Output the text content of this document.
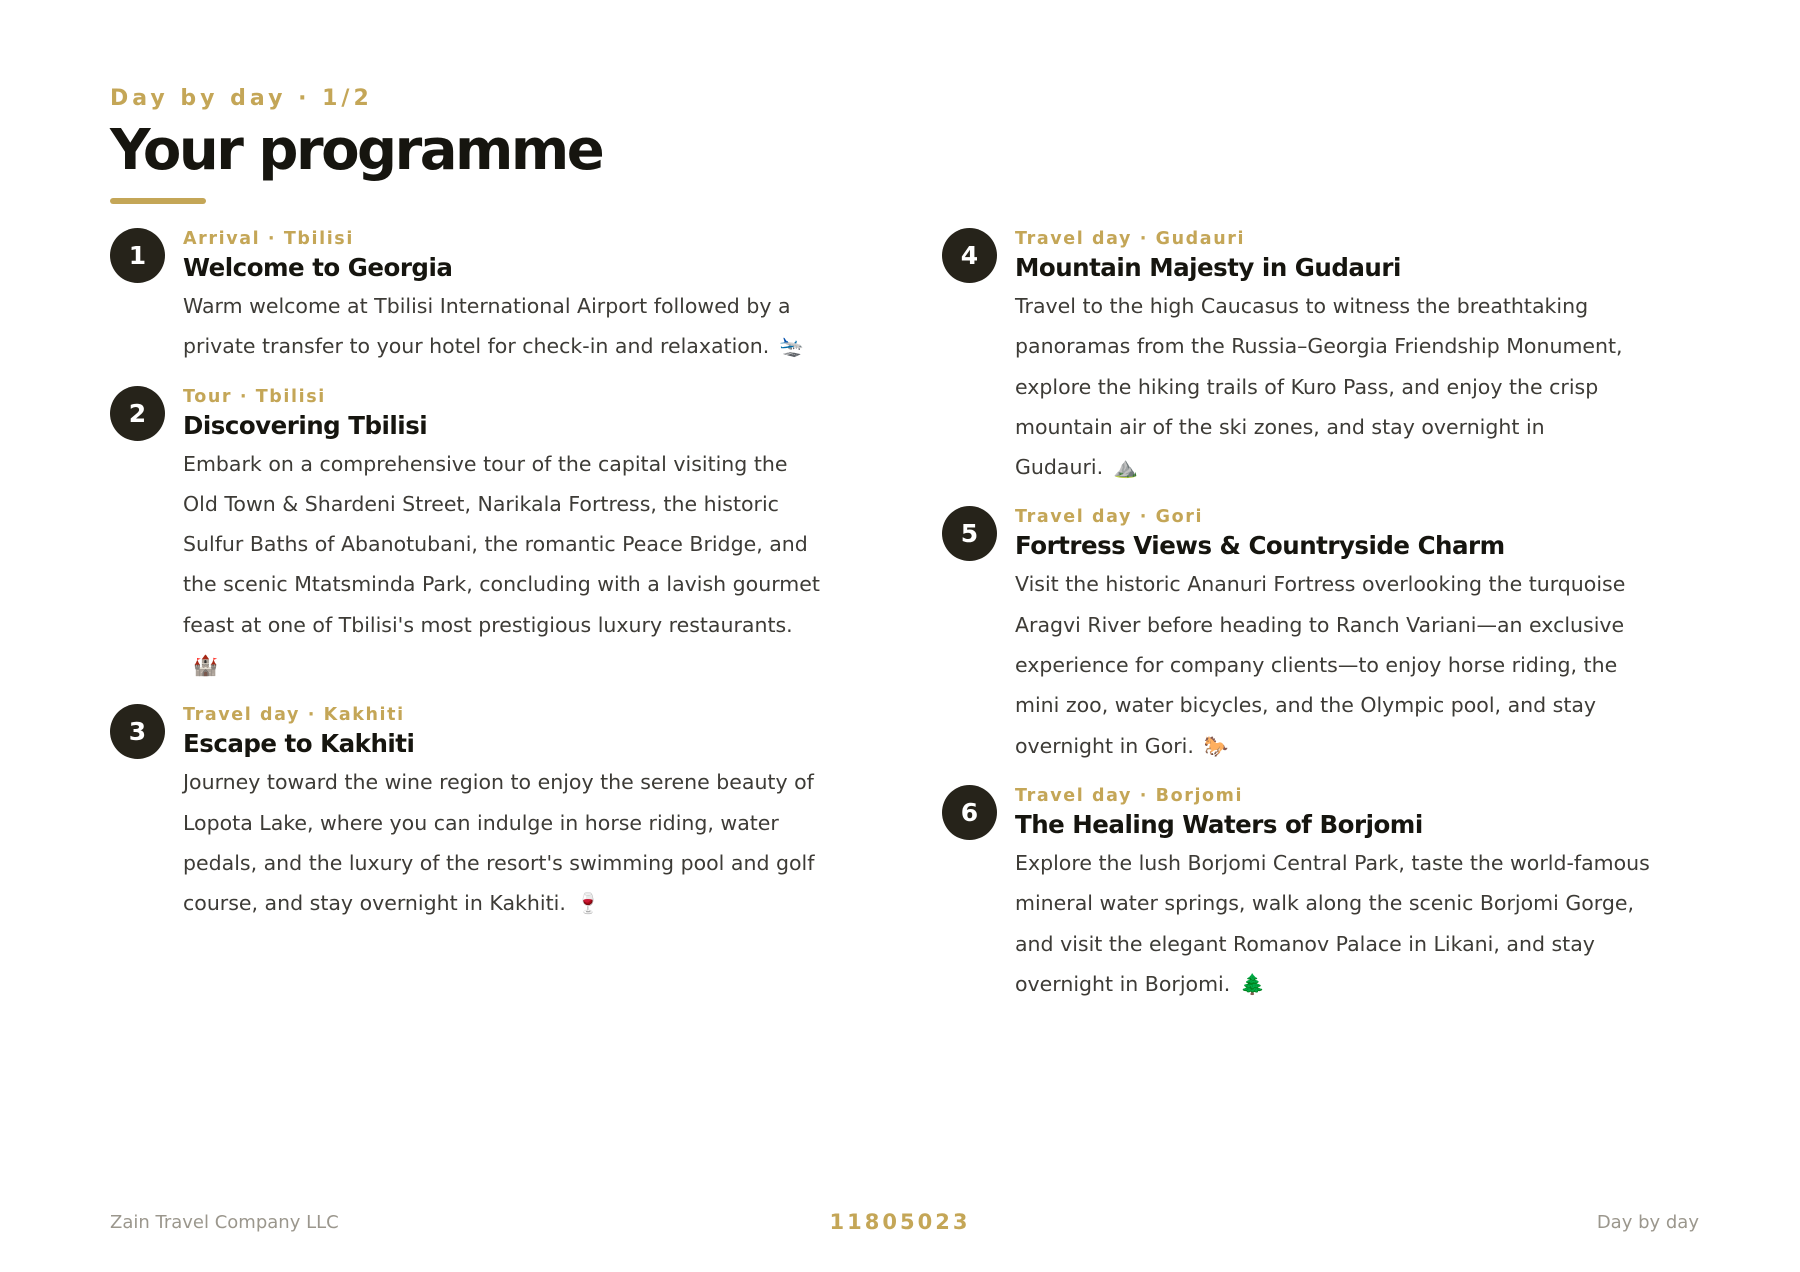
Day by day · 1/2
Your programme
1
Arrival · Tbilisi
Welcome to Georgia

Warm welcome at Tbilisi International Airport followed by a private transfer to your hotel for check-in and relaxation. 🛬

2
Tour · Tbilisi
Discovering Tbilisi

Embark on a comprehensive tour of the capital visiting the Old Town & Shardeni Street, Narikala Fortress, the historic Sulfur Baths of Abanotubani, the romantic Peace Bridge, and the scenic Mtatsminda Park, concluding with a lavish gourmet feast at one of Tbilisi's most prestigious luxury restaurants.🏰

3
Travel day · Kakhiti
Escape to Kakhiti

Journey toward the wine region to enjoy the serene beauty of Lopota Lake, where you can indulge in horse riding, water pedals, and the luxury of the resort's swimming pool and golf course, and stay overnight in Kakhiti. 🍷

4
Travel day · Gudauri
Mountain Majesty in Gudauri

Travel to the high Caucasus to witness the breathtaking panoramas from the Russia–Georgia Friendship Monument, explore the hiking trails of Kuro Pass, and enjoy the crisp mountain air of the ski zones, and stay overnight in Gudauri. ⛰️

5
Travel day · Gori
Fortress Views & Countryside Charm

Visit the historic Ananuri Fortress overlooking the turquoise Aragvi River before heading to Ranch Variani—an exclusive experience for company clients—to enjoy horse riding, the mini zoo, water bicycles, and the Olympic pool, and stay overnight in Gori. 🐎

6
Travel day · Borjomi
The Healing Waters of Borjomi

Explore the lush Borjomi Central Park, taste the world-famous mineral water springs, walk along the scenic Borjomi Gorge, and visit the elegant Romanov Palace in Likani, and stay overnight in Borjomi. 🌲

Zain Travel Company LLC	11805023	Day by day
